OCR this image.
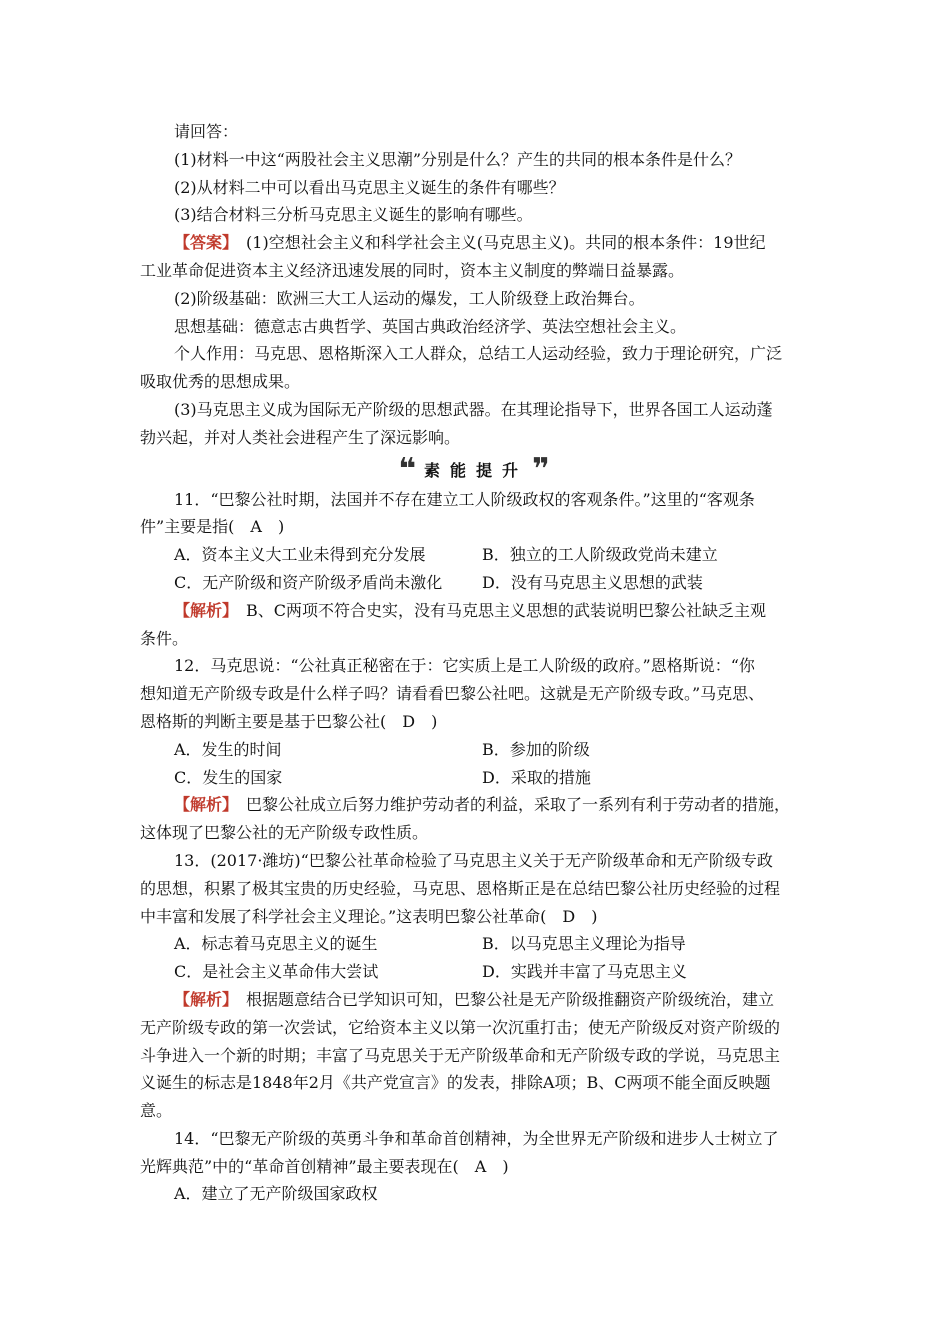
请回答：

(1)材料一中这“两股社会主义思潮”分别是什么？产生的共同的根本条件是什么？

(2)从材料二中可以看出马克思主义诞生的条件有哪些？

(3)结合材料三分析马克思主义诞生的影响有哪些。

【答案】　 (1)空想社会主义和科学社会主义(马克思主义)。共同的根本条件：19世纪

工业革命促进资本主义经济迅速发展的同时，资本主义制度的弊端日益暴露。

(2)阶级基础：欧洲三大工人运动的爆发，工人阶级登上政治舞台。

思想基础：德意志古典哲学、英国古典政治经济学、英法空想社会主义。

个人作用：马克思、恩格斯深入工人群众，总结工人运动经验，致力于理论研究，广泛

吸取优秀的思想成果。

(3)马克思主义成为国际无产阶级的思想武器。在其理论指导下，世界各国工人运动蓬

勃兴起，并对人类社会进程产生了深远影响。

❝ 素能提升 ❞

11．“巴黎公社时期，法国并不存在建立工人阶级政权的客观条件。”这里的“客观条

件”主要是指(　A　)

A．资本主义大工业未得到充分发展	B．独立的工人阶级政党尚未建立

C．无产阶级和资产阶级矛盾尚未激化	D．没有马克思主义思想的武装

【解析】　B、C两项不符合史实，没有马克思主义思想的武装说明巴黎公社缺乏主观

条件。

12．马克思说：“公社真正秘密在于：它实质上是工人阶级的政府。”恩格斯说：“你

想知道无产阶级专政是什么样子吗？请看看巴黎公社吧。这就是无产阶级专政。”马克思、

恩格斯的判断主要是基于巴黎公社(　D　)

A．发生的时间	B．参加的阶级

C．发生的国家	D．采取的措施

【解析】　巴黎公社成立后努力维护劳动者的利益，采取了一系列有利于劳动者的措施，

这体现了巴黎公社的无产阶级专政性质。

13．(2017·潍坊)“巴黎公社革命检验了马克思主义关于无产阶级革命和无产阶级专政

的思想，积累了极其宝贵的历史经验，马克思、恩格斯正是在总结巴黎公社历史经验的过程

中丰富和发展了科学社会主义理论。”这表明巴黎公社革命(　D　)

A．标志着马克思主义的诞生	B．以马克思主义理论为指导

C．是社会主义革命伟大尝试	D．实践并丰富了马克思主义

【解析】　根据题意结合已学知识可知，巴黎公社是无产阶级推翻资产阶级统治，建立

无产阶级专政的第一次尝试，它给资本主义以第一次沉重打击；使无产阶级反对资产阶级的

斗争进入一个新的时期；丰富了马克思关于无产阶级革命和无产阶级专政的学说，马克思主

义诞生的标志是1848年2月《共产党宣言》的发表，排除A项；B、C两项不能全面反映题

意。

14．“巴黎无产阶级的英勇斗争和革命首创精神，为全世界无产阶级和进步人士树立了

光辉典范”中的“革命首创精神”最主要表现在(　A　)

A．建立了无产阶级国家政权
